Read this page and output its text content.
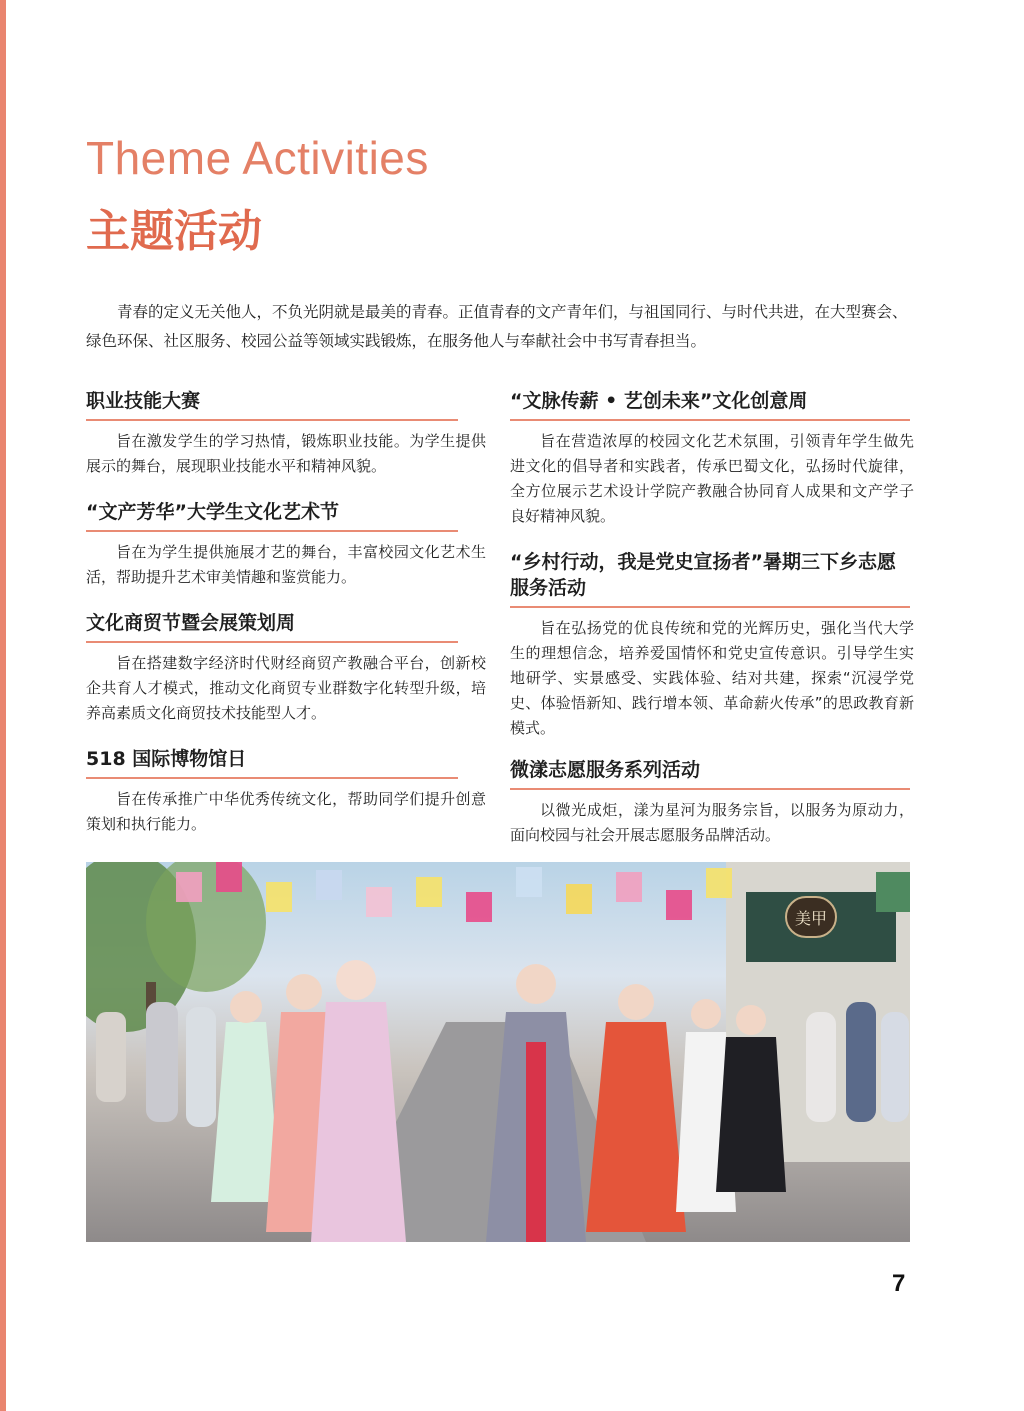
Theme Activities
主题活动

青春的定义无关他人，不负光阴就是最美的青春。正值青春的文产青年们，与祖国同行、与时代共进，在大型赛会、绿色环保、社区服务、校园公益等领域实践锻炼，在服务他人与奉献社会中书写青春担当。

职业技能大赛
旨在激发学生的学习热情，锻炼职业技能。为学生提供展示的舞台，展现职业技能水平和精神风貌。
“文产芳华”大学生文化艺术节
旨在为学生提供施展才艺的舞台，丰富校园文化艺术生活，帮助提升艺术审美情趣和鉴赏能力。
文化商贸节暨会展策划周
旨在搭建数字经济时代财经商贸产教融合平台，创新校企共育人才模式，推动文化商贸专业群数字化转型升级，培养高素质文化商贸技术技能型人才。
518 国际博物馆日
旨在传承推广中华优秀传统文化，帮助同学们提升创意策划和执行能力。
“文脉传薪 • 艺创未来”文化创意周
旨在营造浓厚的校园文化艺术氛围，引领青年学生做先进文化的倡导者和实践者，传承巴蜀文化，弘扬时代旋律，全方位展示艺术设计学院产教融合协同育人成果和文产学子良好精神风貌。
“乡村行动，我是党史宣扬者”暑期三下乡志愿服务活动
旨在弘扬党的优良传统和党的光辉历史，强化当代大学生的理想信念，培养爱国情怀和党史宣传意识。引导学生实地研学、实景感受、实践体验、结对共建，探索“沉浸学党史、体验悟新知、践行增本领、革命薪火传承”的思政教育新模式。
微漾志愿服务系列活动
以微光成炬，漾为星河为服务宗旨，以服务为原动力，面向校园与社会开展志愿服务品牌活动。
美甲
7
